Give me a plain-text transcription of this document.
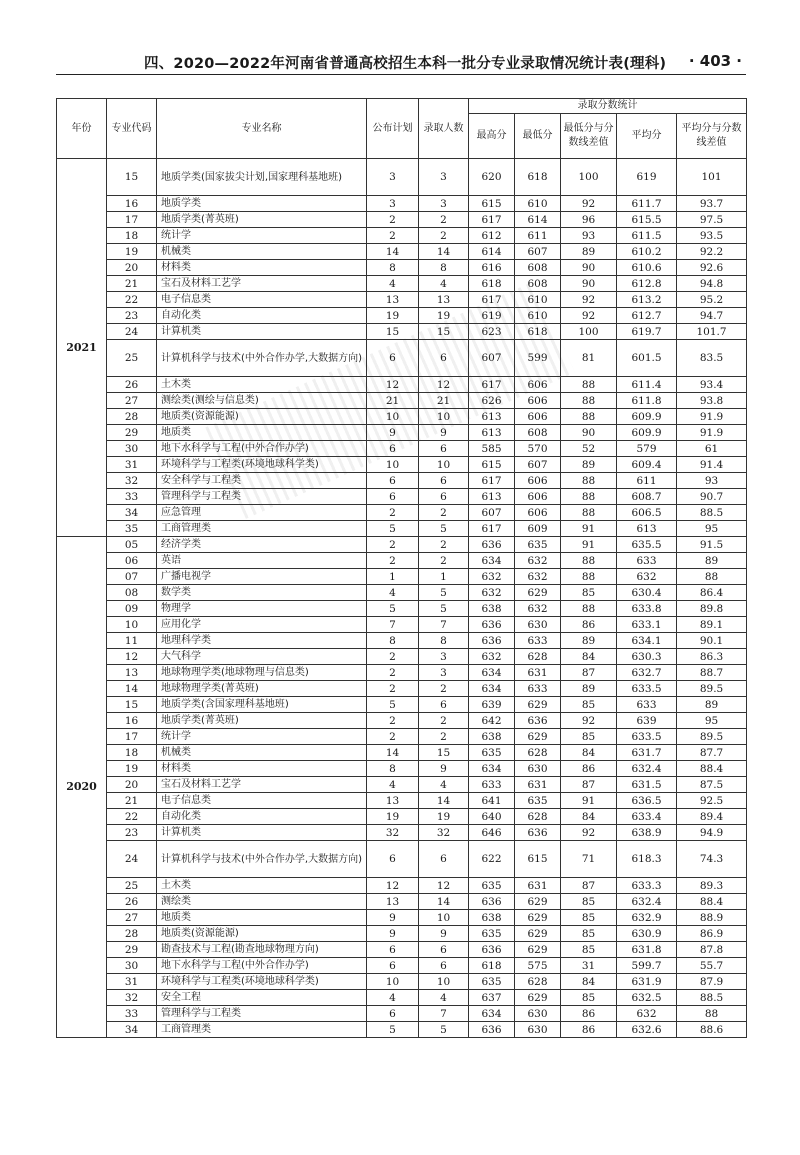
四、2020—2022年河南省普通高校招生本科一批分专业录取情况统计表(理科) · 403 ·
年份	专业代码	专业名称	公布计划	录取人数	录取分数统计				
					最高分	最低分	最低分与分数线差值	平均分	平均分与分数线差值
2021	15	地质学类(国家拔尖计划,国家理科基地班)	3	3	620	618	100	619	101
	16	地质学类	3	3	615	610	92	611.7	93.7
	17	地质学类(菁英班)	2	2	617	614	96	615.5	97.5
	18	统计学	2	2	612	611	93	611.5	93.5
	19	机械类	14	14	614	607	89	610.2	92.2
	20	材料类	8	8	616	608	90	610.6	92.6
	21	宝石及材料工艺学	4	4	618	608	90	612.8	94.8
	22	电子信息类	13	13	617	610	92	613.2	95.2
	23	自动化类	19	19	619	610	92	612.7	94.7
	24	计算机类	15	15	623	618	100	619.7	101.7
	25	计算机科学与技术(中外合作办学,大数据方向)	6	6	607	599	81	601.5	83.5
	26	土木类	12	12	617	606	88	611.4	93.4
	27	测绘类(测绘与信息类)	21	21	626	606	88	611.8	93.8
	28	地质类(资源能源)	10	10	613	606	88	609.9	91.9
	29	地质类	9	9	613	608	90	609.9	91.9
	30	地下水科学与工程(中外合作办学)	6	6	585	570	52	579	61
	31	环境科学与工程类(环境地球科学类)	10	10	615	607	89	609.4	91.4
	32	安全科学与工程类	6	6	617	606	88	611	93
	33	管理科学与工程类	6	6	613	606	88	608.7	90.7
	34	应急管理	2	2	607	606	88	606.5	88.5
	35	工商管理类	5	5	617	609	91	613	95
2020	05	经济学类	2	2	636	635	91	635.5	91.5
	06	英语	2	2	634	632	88	633	89
	07	广播电视学	1	1	632	632	88	632	88
	08	数学类	4	5	632	629	85	630.4	86.4
	09	物理学	5	5	638	632	88	633.8	89.8
	10	应用化学	7	7	636	630	86	633.1	89.1
	11	地理科学类	8	8	636	633	89	634.1	90.1
	12	大气科学	2	3	632	628	84	630.3	86.3
	13	地球物理学类(地球物理与信息类)	2	3	634	631	87	632.7	88.7
	14	地球物理学类(菁英班)	2	2	634	633	89	633.5	89.5
	15	地质学类(含国家理科基地班)	5	6	639	629	85	633	89
	16	地质学类(菁英班)	2	2	642	636	92	639	95
	17	统计学	2	2	638	629	85	633.5	89.5
	18	机械类	14	15	635	628	84	631.7	87.7
	19	材料类	8	9	634	630	86	632.4	88.4
	20	宝石及材料工艺学	4	4	633	631	87	631.5	87.5
	21	电子信息类	13	14	641	635	91	636.5	92.5
	22	自动化类	19	19	640	628	84	633.4	89.4
	23	计算机类	32	32	646	636	92	638.9	94.9
	24	计算机科学与技术(中外合作办学,大数据方向)	6	6	622	615	71	618.3	74.3
	25	土木类	12	12	635	631	87	633.3	89.3
	26	测绘类	13	14	636	629	85	632.4	88.4
	27	地质类	9	10	638	629	85	632.9	88.9
	28	地质类(资源能源)	9	9	635	629	85	630.9	86.9
	29	勘查技术与工程(勘查地球物理方向)	6	6	636	629	85	631.8	87.8
	30	地下水科学与工程(中外合作办学)	6	6	618	575	31	599.7	55.7
	31	环境科学与工程类(环境地球科学类)	10	10	635	628	84	631.9	87.9
	32	安全工程	4	4	637	629	85	632.5	88.5
	33	管理科学与工程类	6	7	634	630	86	632	88
	34	工商管理类	5	5	636	630	86	632.6	88.6
